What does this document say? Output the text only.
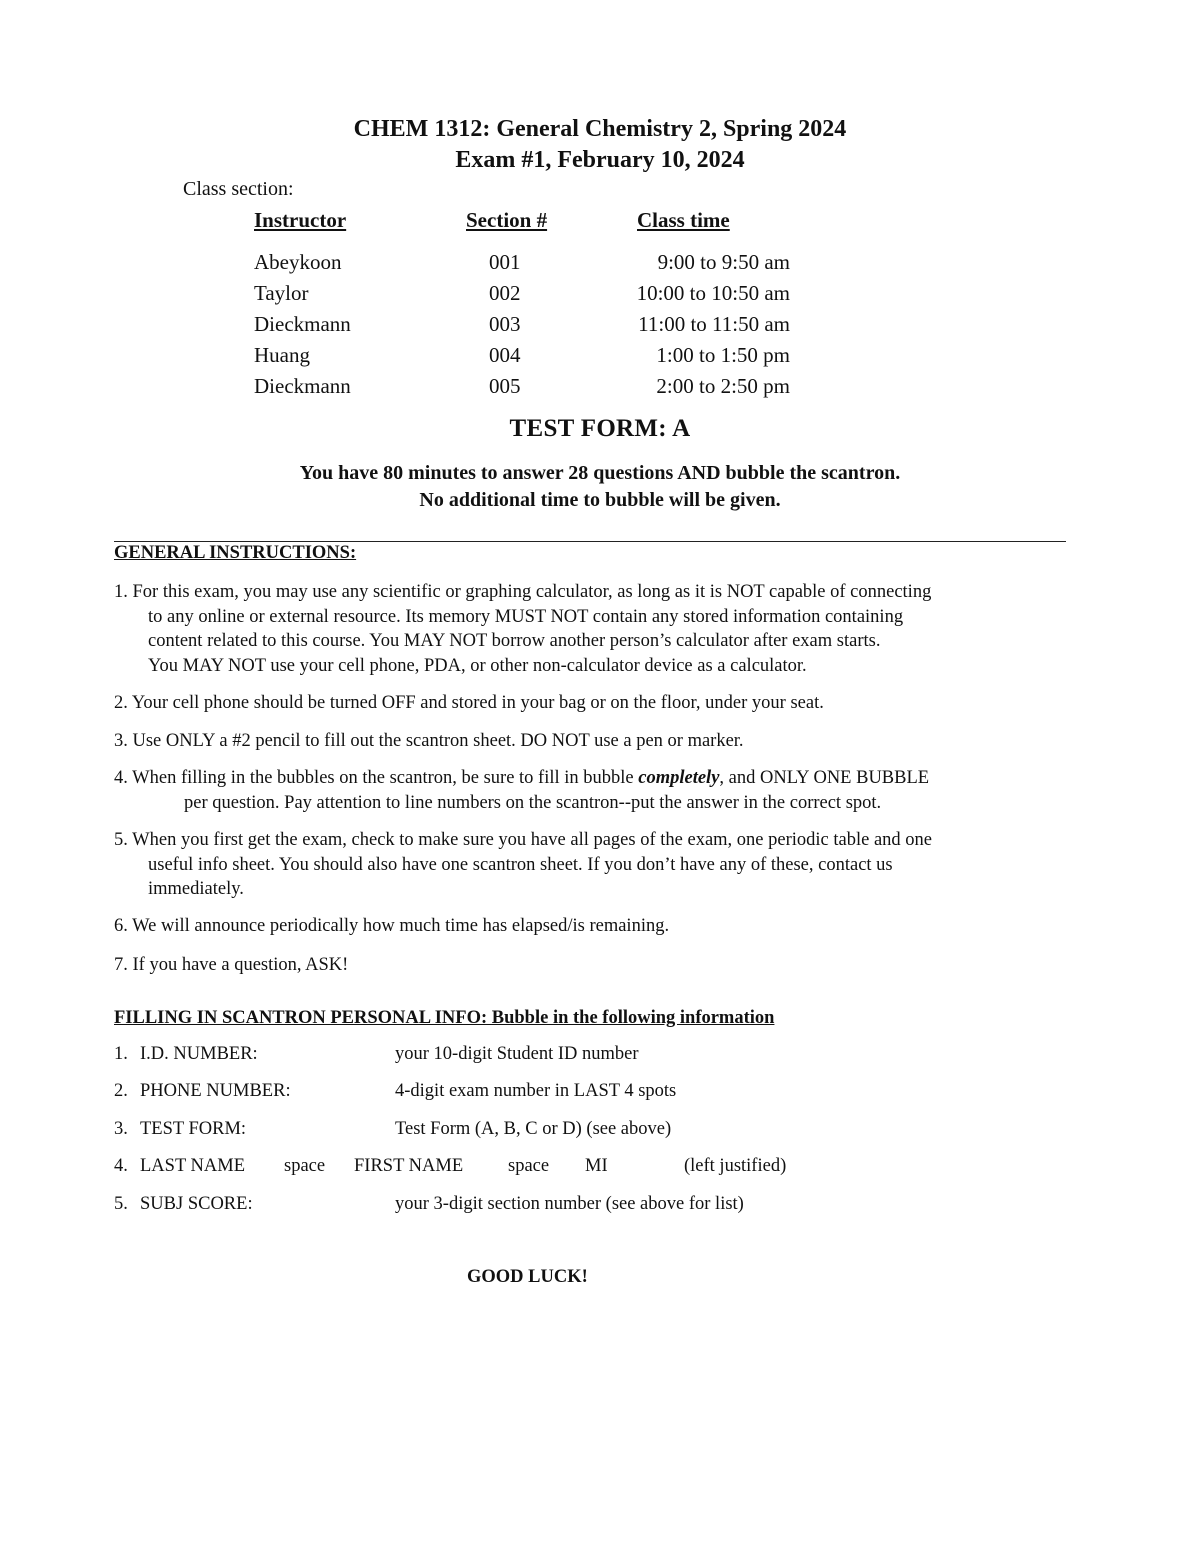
CHEM 1312: General Chemistry 2, Spring 2024
Exam #1, February 10, 2024
Class section:
Instructor	Section #	Class time
Abeykoon	001	9:00 to 9:50 am
Taylor	002	10:00 to 10:50 am
Dieckmann	003	11:00 to 11:50 am
Huang	004	1:00 to 1:50 pm
Dieckmann	005	2:00 to 2:50 pm
TEST FORM: A
You have 80 minutes to answer 28 questions AND bubble the scantron.
No additional time to bubble will be given.
GENERAL INSTRUCTIONS:
1. For this exam, you may use any scientific or graphing calculator, as long as it is NOT capable of connecting
to any online or external resource. Its memory MUST NOT contain any stored information containing
content related to this course. You MAY NOT borrow another person’s calculator after exam starts.
You MAY NOT use your cell phone, PDA, or other non-calculator device as a calculator.
2. Your cell phone should be turned OFF and stored in your bag or on the floor, under your seat.
3. Use ONLY a #2 pencil to fill out the scantron sheet. DO NOT use a pen or marker.
4. When filling in the bubbles on the scantron, be sure to fill in bubble completely, and ONLY ONE BUBBLE
per question. Pay attention to line numbers on the scantron--put the answer in the correct spot.
5. When you first get the exam, check to make sure you have all pages of the exam, one periodic table and one
useful info sheet. You should also have one scantron sheet. If you don’t have any of these, contact us
immediately.
6. We will announce periodically how much time has elapsed/is remaining.
7. If you have a question, ASK!
FILLING IN SCANTRON PERSONAL INFO: Bubble in the following information
1. I.D. NUMBER:	your 10-digit Student ID number
2. PHONE NUMBER:	4-digit exam number in LAST 4 spots
3. TEST FORM:	Test Form (A, B, C or D) (see above)
4. LAST NAME space FIRST NAME space MI	(left justified)
5. SUBJ SCORE:	your 3-digit section number (see above for list)
GOOD LUCK!
